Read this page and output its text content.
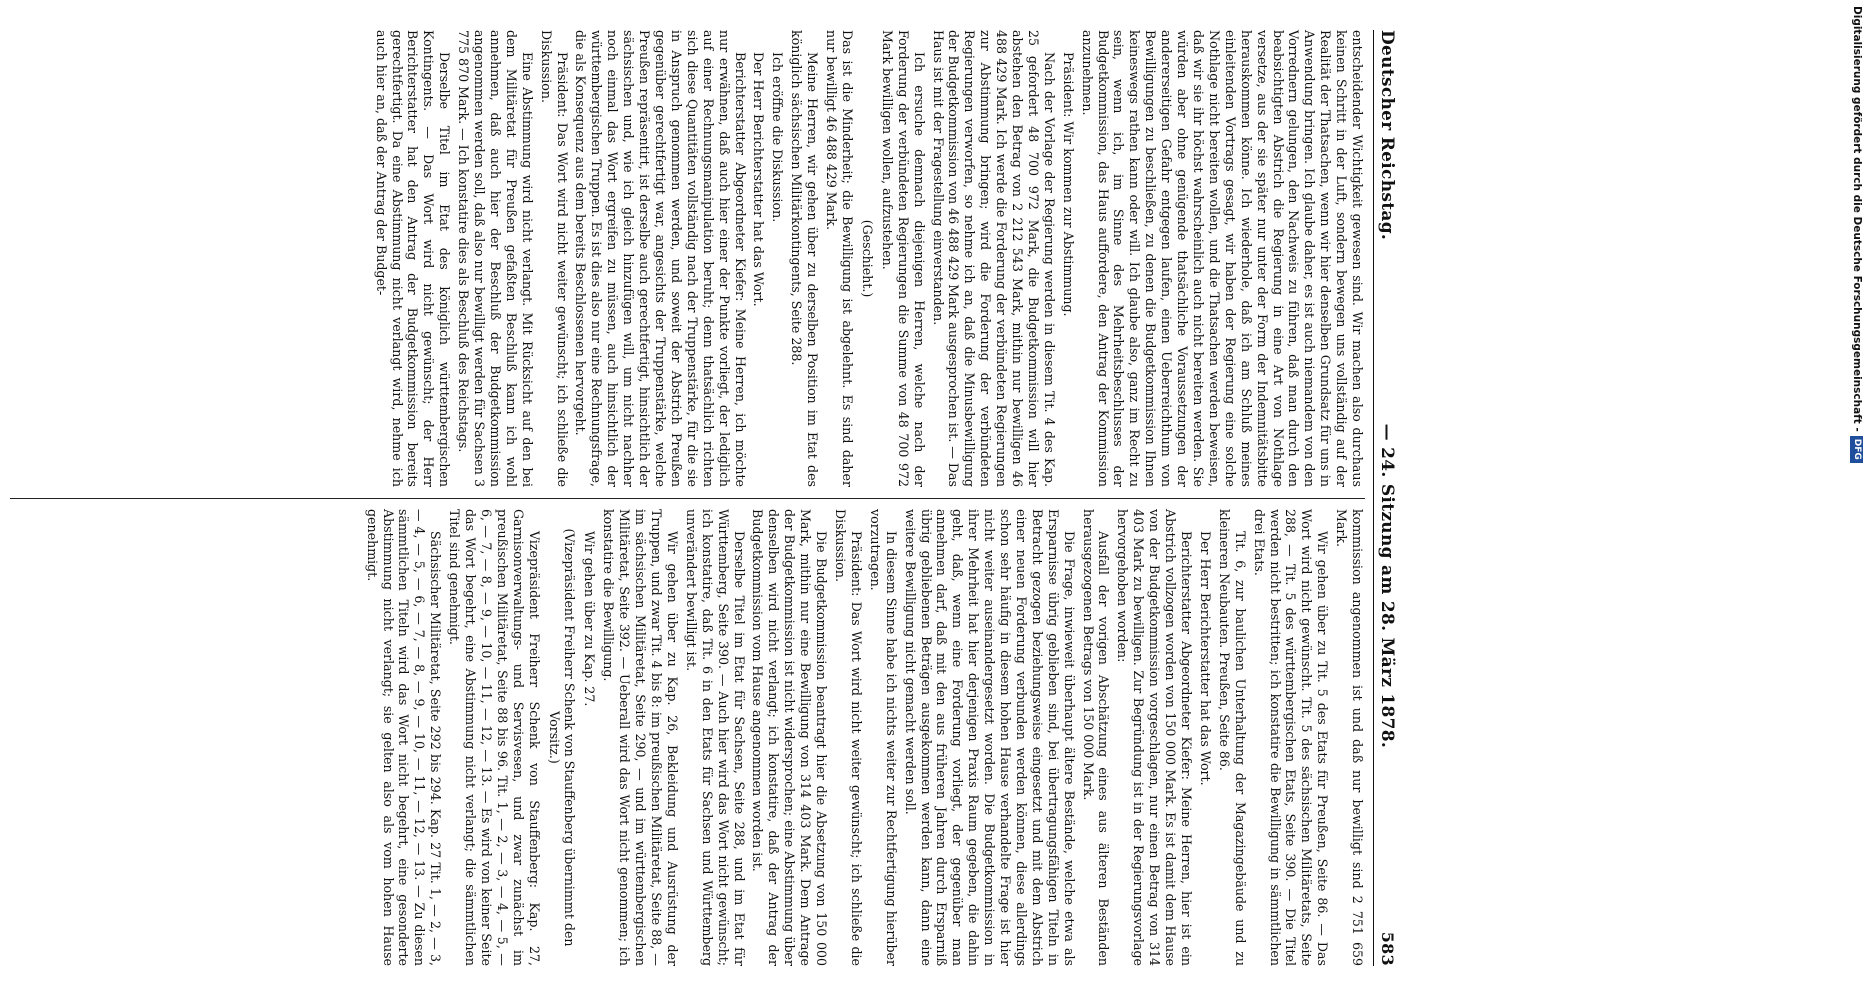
Deutscher Reichstag.
— 24. Sitzung am 28. März 1878.
583

entscheidender Wichtigkeit gewesen sind. Wir machen also durchaus keinen Schritt in der Luft, sondern bewegen uns vollständig auf der Realität der Thatsachen, wenn wir hier denselben Grundsatz für uns in Anwendung bringen. Ich glaube daher, es ist auch niemandem von den Vorrednern gelungen, den Nachweis zu führen, daß man durch den beabsichtigten Abstrich die Regierung in eine Art von Nothlage versetze, aus der sie später nur unter der Form der Indemnitätsbitte herauskommen könne. Ich wiederhole, daß ich am Schluß meines einleitenden Vortrags gesagt, wir haben der Regierung eine solche Nothlage nicht bereiten wollen, und die Thatsachen werden beweisen, daß wir sie ihr höchst wahrscheinlich auch nicht bereiten werden. Sie würden aber ohne genügende thatsächliche Voraussetzungen der andererseitigen Gefahr entgegen laufen, einen Ueberreichthum von Bewilligungen zu beschließen, zu denen die Budgetkommission Ihnen keineswegs rathen kann oder will. Ich glaube also, ganz im Recht zu sein, wenn ich, im Sinne des Mehrheitsbeschlusses der Budgetkommission, das Haus auffordere, den Antrag der Kommission anzunehmen.

Präsident: Wir kommen zur Abstimmung.

Nach der Vorlage der Regierung werden in diesem Tit. 4 des Kap. 25 gefordert 48 700 972 Mark, die Budgetkommission will hier abstehen den Betrag von 2 212 543 Mark, mithin nur bewilligen 46 488 429 Mark. Ich werde die Forderung der verbündeten Regierungen zur Abstimmung bringen; wird die Forderung der verbündeten Regierungen verworfen, so nehme ich an, daß die Minusbewilligung der Budgetkommission von 46 488 429 Mark ausgesprochen ist. — Das Haus ist mit der Fragestellung einverstanden.

Ich ersuche demnach diejenigen Herren, welche nach der Forderung der verbündeten Regierungen die Summe von 48 700 972 Mark bewilligen wollen, aufzustehen.

(Geschieht.)

Das ist die Minderheit; die Bewilligung ist abgelehnt. Es sind daher nur bewilligt 46 488 429 Mark.

Meine Herren, wir gehen über zu derselben Position im Etat des königlich sächsischen Militärkontingents, Seite 288.

Ich eröffne die Diskussion.

Der Herr Berichterstatter hat das Wort.

Berichterstatter Abgeordneter Kiefer: Meine Herren, ich möchte nur erwähnen, daß auch hier einer der Punkte vorliegt, der lediglich auf einer Rechnungsmanipulation beruht; denn thatsächlich richten sich diese Quantitäten vollständig nach der Truppenstärke, für die sie in Anspruch genommen werden, und soweit der Abstrich Preußen gegenüber gerechtfertigt war, angesichts der Truppenstärke, welche Preußen repräsentirt, ist derselbe auch gerechtfertigt, hinsichtlich der sächsischen und, wie ich gleich hinzufügen will, um nicht nachher noch einmal das Wort ergreifen zu müssen, auch hinsichtlich der württembergischen Truppen. Es ist dies also nur eine Rechnungsfrage, die als Konsequenz aus dem bereits Beschlossenen hervorgeht.

Präsident: Das Wort wird nicht weiter gewünscht; ich schließe die Diskussion.

Eine Abstimmung wird nicht verlangt. Mit Rücksicht auf den bei dem Militäretat für Preußen gefaßten Beschluß kann ich wohl annehmen, daß auch hier der Beschluß der Budgetkommission angenommen werden soll, daß also nur bewilligt werden für Sachsen 3 775 870 Mark. — Ich konstatire dies als Beschluß des Reichstags.

Derselbe Titel im Etat des königlich württembergischen Kontingents. — Das Wort wird nicht gewünscht; der Herr Berichterstatter hat den Antrag der Budgetkommission bereits gerechtfertigt. Da eine Abstimmung nicht verlangt wird, nehme ich auch hier an, daß der Antrag der Budget-

kommission angenommen ist und daß nur bewilligt sind 2 751 659 Mark.

Wir gehen über zu Tit. 5 des Etats für Preußen, Seite 86. — Das Wort wird nicht gewünscht. Tit. 5 des sächsischen Militäretats, Seite 288, — Tit. 5 des württembergischen Etats, Seite 390. — Die Titel werden nicht bestritten; ich konstatire die Bewilligung in sämmtlichen drei Etats.

Tit. 6, zur baulichen Unterhaltung der Magazingebäude und zu kleineren Neubauten. Preußen, Seite 86.

Der Herr Berichterstatter hat das Wort.

Berichterstatter Abgeordneter Kiefer: Meine Herren, hier ist ein Abstrich vollzogen worden von 150 000 Mark. Es ist damit dem Hause von der Budgetkommission vorgeschlagen, nur einen Betrag von 314 403 Mark zu bewilligen. Zur Begründung ist in der Regierungsvorlage hervorgehoben worden:

Ausfall der vorigen Abschätzung eines aus älteren Beständen herausgezogenen Betrags von 150 000 Mark.

Die Frage, inwieweit überhaupt ältere Bestände, welche etwa als Ersparnisse übrig geblieben sind, bei übertragungsfähigen Titeln in Betracht gezogen beziehungsweise eingesetzt und mit dem Abstrich einer neuen Forderung verbunden werden können, diese allerdings schon sehr häufig in diesem hohen Hause verhandelte Frage ist hier nicht weiter auseinandergesetzt worden. Die Budgetkommission in ihrer Mehrheit hat hier derjenigen Praxis Raum gegeben, die dahin geht, daß, wenn eine Forderung vorliegt, der gegenüber man annehmen darf, daß mit den aus früheren Jahren durch Ersparniß übrig gebliebenen Beträgen ausgekommen werden kann, dann eine weitere Bewilligung nicht gemacht werden soll.

In diesem Sinne habe ich nichts weiter zur Rechtfertigung hierüber vorzutragen.

Präsident: Das Wort wird nicht weiter gewünscht; ich schließe die Diskussion.

Die Budgetkommission beantragt hier die Absetzung von 150 000 Mark, mithin nur eine Bewilligung von 314 403 Mark. Dem Antrage der Budgetkommission ist nicht widersprochen; eine Abstimmung über denselben wird nicht verlangt; ich konstatire, daß der Antrag der Budgetkommission vom Hause angenommen worden ist.

Derselbe Titel im Etat für Sachsen, Seite 288, und im Etat für Württemberg, Seite 390. — Auch hier wird das Wort nicht gewünscht; ich konstatire, daß Tit. 6 in den Etats für Sachsen und Württemberg unverändert bewilligt ist.

Wir gehen über zu Kap. 26, Bekleidung und Ausrüstung der Truppen, und zwar Tit. 4 bis 8: im preußischen Militäretat, Seite 88, — im sächsischen Militäretat, Seite 290, — und im württembergischen Militäretat, Seite 392. — Ueberall wird das Wort nicht genommen; ich konstatire die Bewilligung.

Wir gehen über zu Kap. 27.

(Vizepräsident Freiherr Schenk von Stauffenberg übernimmt den Vorsitz.)

Vizepräsident Freiherr Schenk von Stauffenberg: Kap. 27, Garnisonverwaltungs- und Servisvesen, und zwar zunächst im preußischen Militäretat, Seite 88 bis 96. Tit. 1, — 2, — 3, — 4, — 5, — 6, — 7, — 8, — 9, — 10, — 11, — 12, — 13. — Es wird von keiner Seite das Wort begehrt, eine Abstimmung nicht verlangt; die sämmtlichen Titel sind genehmigt.

Sächsischer Militäretat, Seite 292 bis 294. Kap. 27 Tit. 1, — 2, — 3, — 4, — 5, — 6, — 7, — 8, — 9, — 10, — 11, — 12, — 13. — Zu diesen sämmtlichen Titeln wird das Wort nicht begehrt, eine gesonderte Abstimmung nicht verlangt; sie gelten also als vom hohen Hause genehmigt.

Digitalisierung gefördert durch die Deutsche Forschungsgemeinschaft -
DFG
